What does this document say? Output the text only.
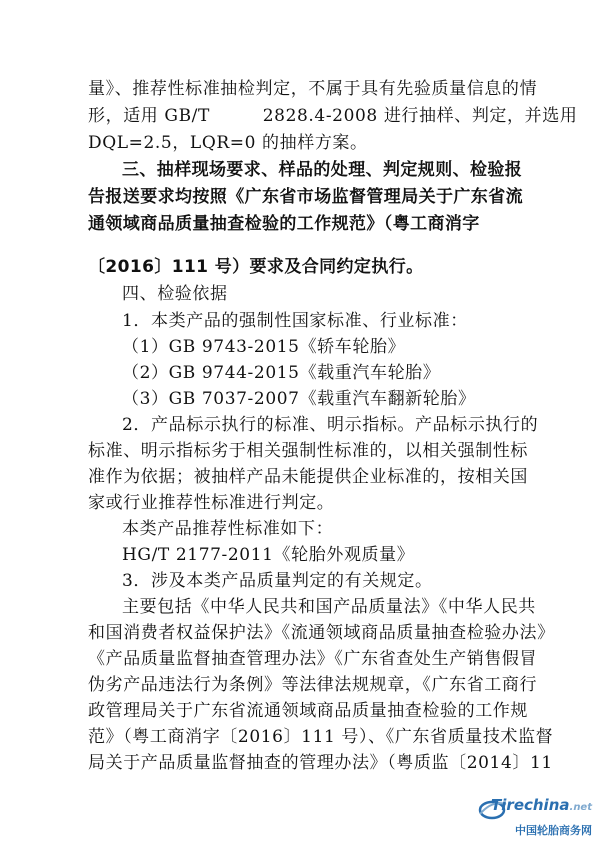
量》、推荐性标准抽检判定，不属于具有先验质量信息的情
形，适用 GB/T　　　2828.4-2008 进行抽样、判定，并选用
DQL=2.5，LQR=0 的抽样方案。
三、抽样现场要求、样品的处理、判定规则、检验报
告报送要求均按照《广东省市场监督管理局关于广东省流
通领域商品质量抽查检验的工作规范》（粤工商消字
〔2016〕111 号）要求及合同约定执行。
四、检验依据
1．本类产品的强制性国家标准、行业标准：
（1）GB 9743-2015《轿车轮胎》
（2）GB 9744-2015《载重汽车轮胎》
（3）GB 7037-2007《载重汽车翻新轮胎》
2．产品标示执行的标准、明示指标。产品标示执行的
标准、明示指标劣于相关强制性标准的，以相关强制性标
准作为依据；被抽样产品未能提供企业标准的，按相关国
家或行业推荐性标准进行判定。
本类产品推荐性标准如下：
HG/T 2177-2011《轮胎外观质量》
3．涉及本类产品质量判定的有关规定。
主要包括《中华人民共和国产品质量法》《中华人民共
和国消费者权益保护法》《流通领域商品质量抽查检验办法》
《产品质量监督抽查管理办法》《广东省查处生产销售假冒
伪劣产品违法行为条例》等法律法规规章，《广东省工商行
政管理局关于广东省流通领域商品质量抽查检验的工作规
范》（粤工商消字〔2016〕111 号）、《广东省质量技术监督
局关于产品质量监督抽查的管理办法》（粤质监〔2014〕11
Tirechina.net
中国轮胎商务网
